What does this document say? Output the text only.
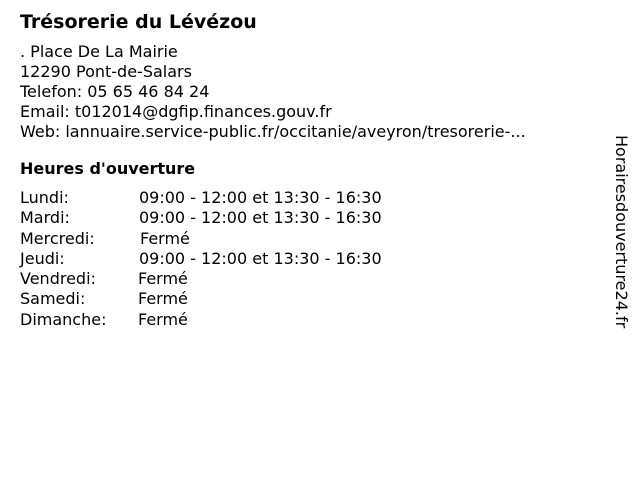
Trésorerie du Lévézou
. Place De La Mairie
12290 Pont-de-Salars
Telefon: 05 65 46 84 24
Email: t012014@dgfip.finances.gouv.fr
Web: lannuaire.service-public.fr/occitanie/aveyron/tresorerie-...
Heures d'ouverture
Lundi:	09:00 - 12:00 et 13:30 - 16:30
Mardi:	09:00 - 12:00 et 13:30 - 16:30
Mercredi:	Fermé
Jeudi:	09:00 - 12:00 et 13:30 - 16:30
Vendredi:	Fermé
Samedi:	Fermé
Dimanche: Fermé	Horairesdouverture24.fr
